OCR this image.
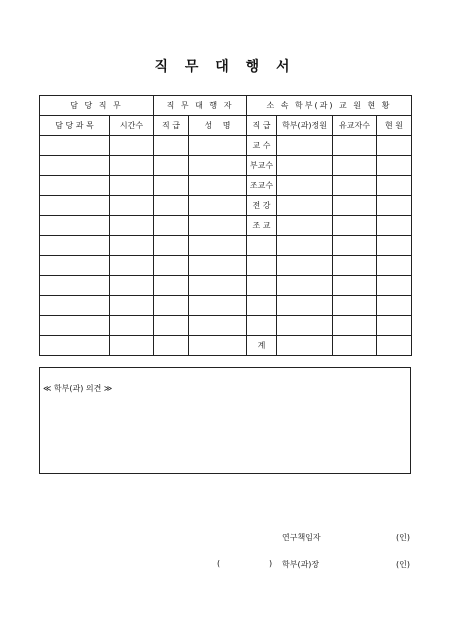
직 무 대 행 서
담 당 직 무		직 무 대 행 자		소 속 학부(과) 교 원 현 황			
담 당 과 목	시간수	직 급	성　 명	직 급	학부(과)정원	유교자수	현 원
				교 수			
				부교수			
				조교수			
				전 강			
				조 교			

				계			
≪ 학부(과) 의견 ≫
연구책임자	(인)
(	) 학부(과)장	(인)
